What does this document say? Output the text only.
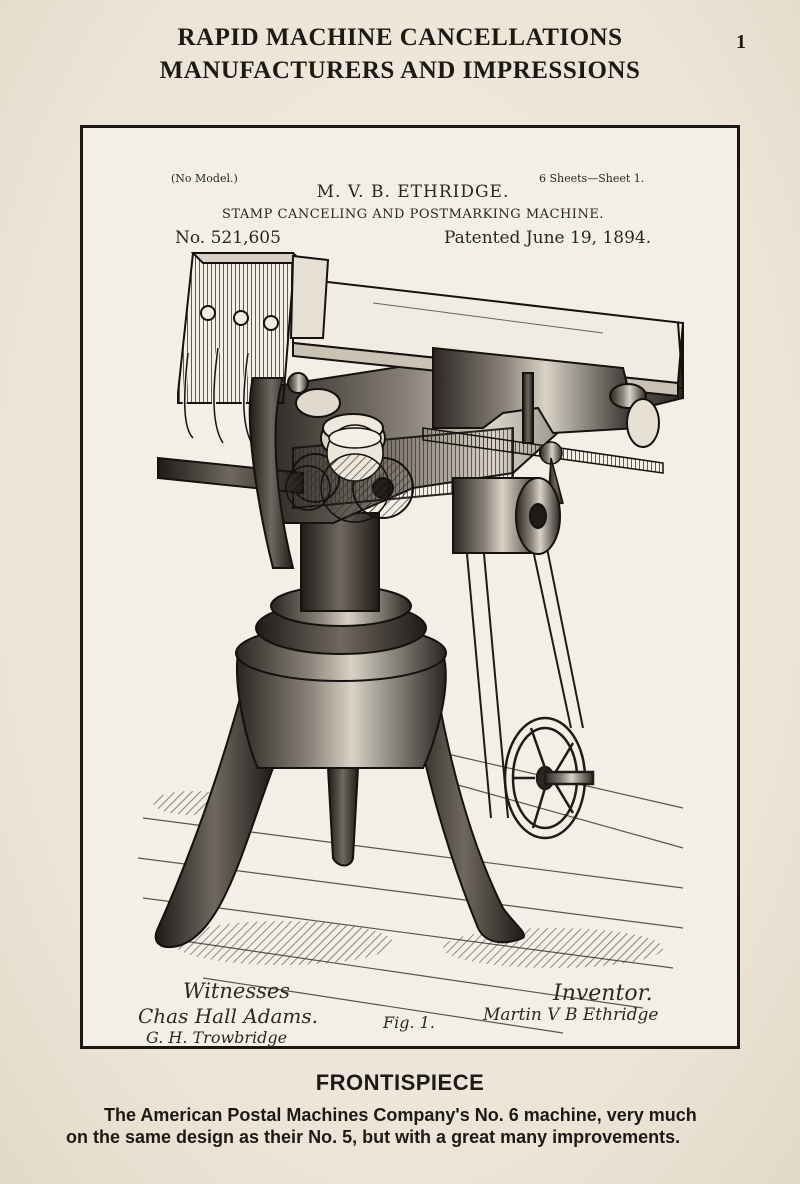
RAPID MACHINE CANCELLATIONS
MANUFACTURERS AND IMPRESSIONS
1
(No Model.)	6 Sheets—Sheet 1.
M. V. B. ETHRIDGE.
STAMP CANCELING AND POSTMARKING MACHINE.
No. 521,605	Patented June 19, 1894.
Witnesses
Chas Hall Adams.
G. H. Trowbridge
Fig. 1.
Inventor.
Martin V B Ethridge
FRONTISPIECE
The American Postal Machines Company's No. 6 machine, very much
on the same design as their No. 5, but with a great many improvements.
